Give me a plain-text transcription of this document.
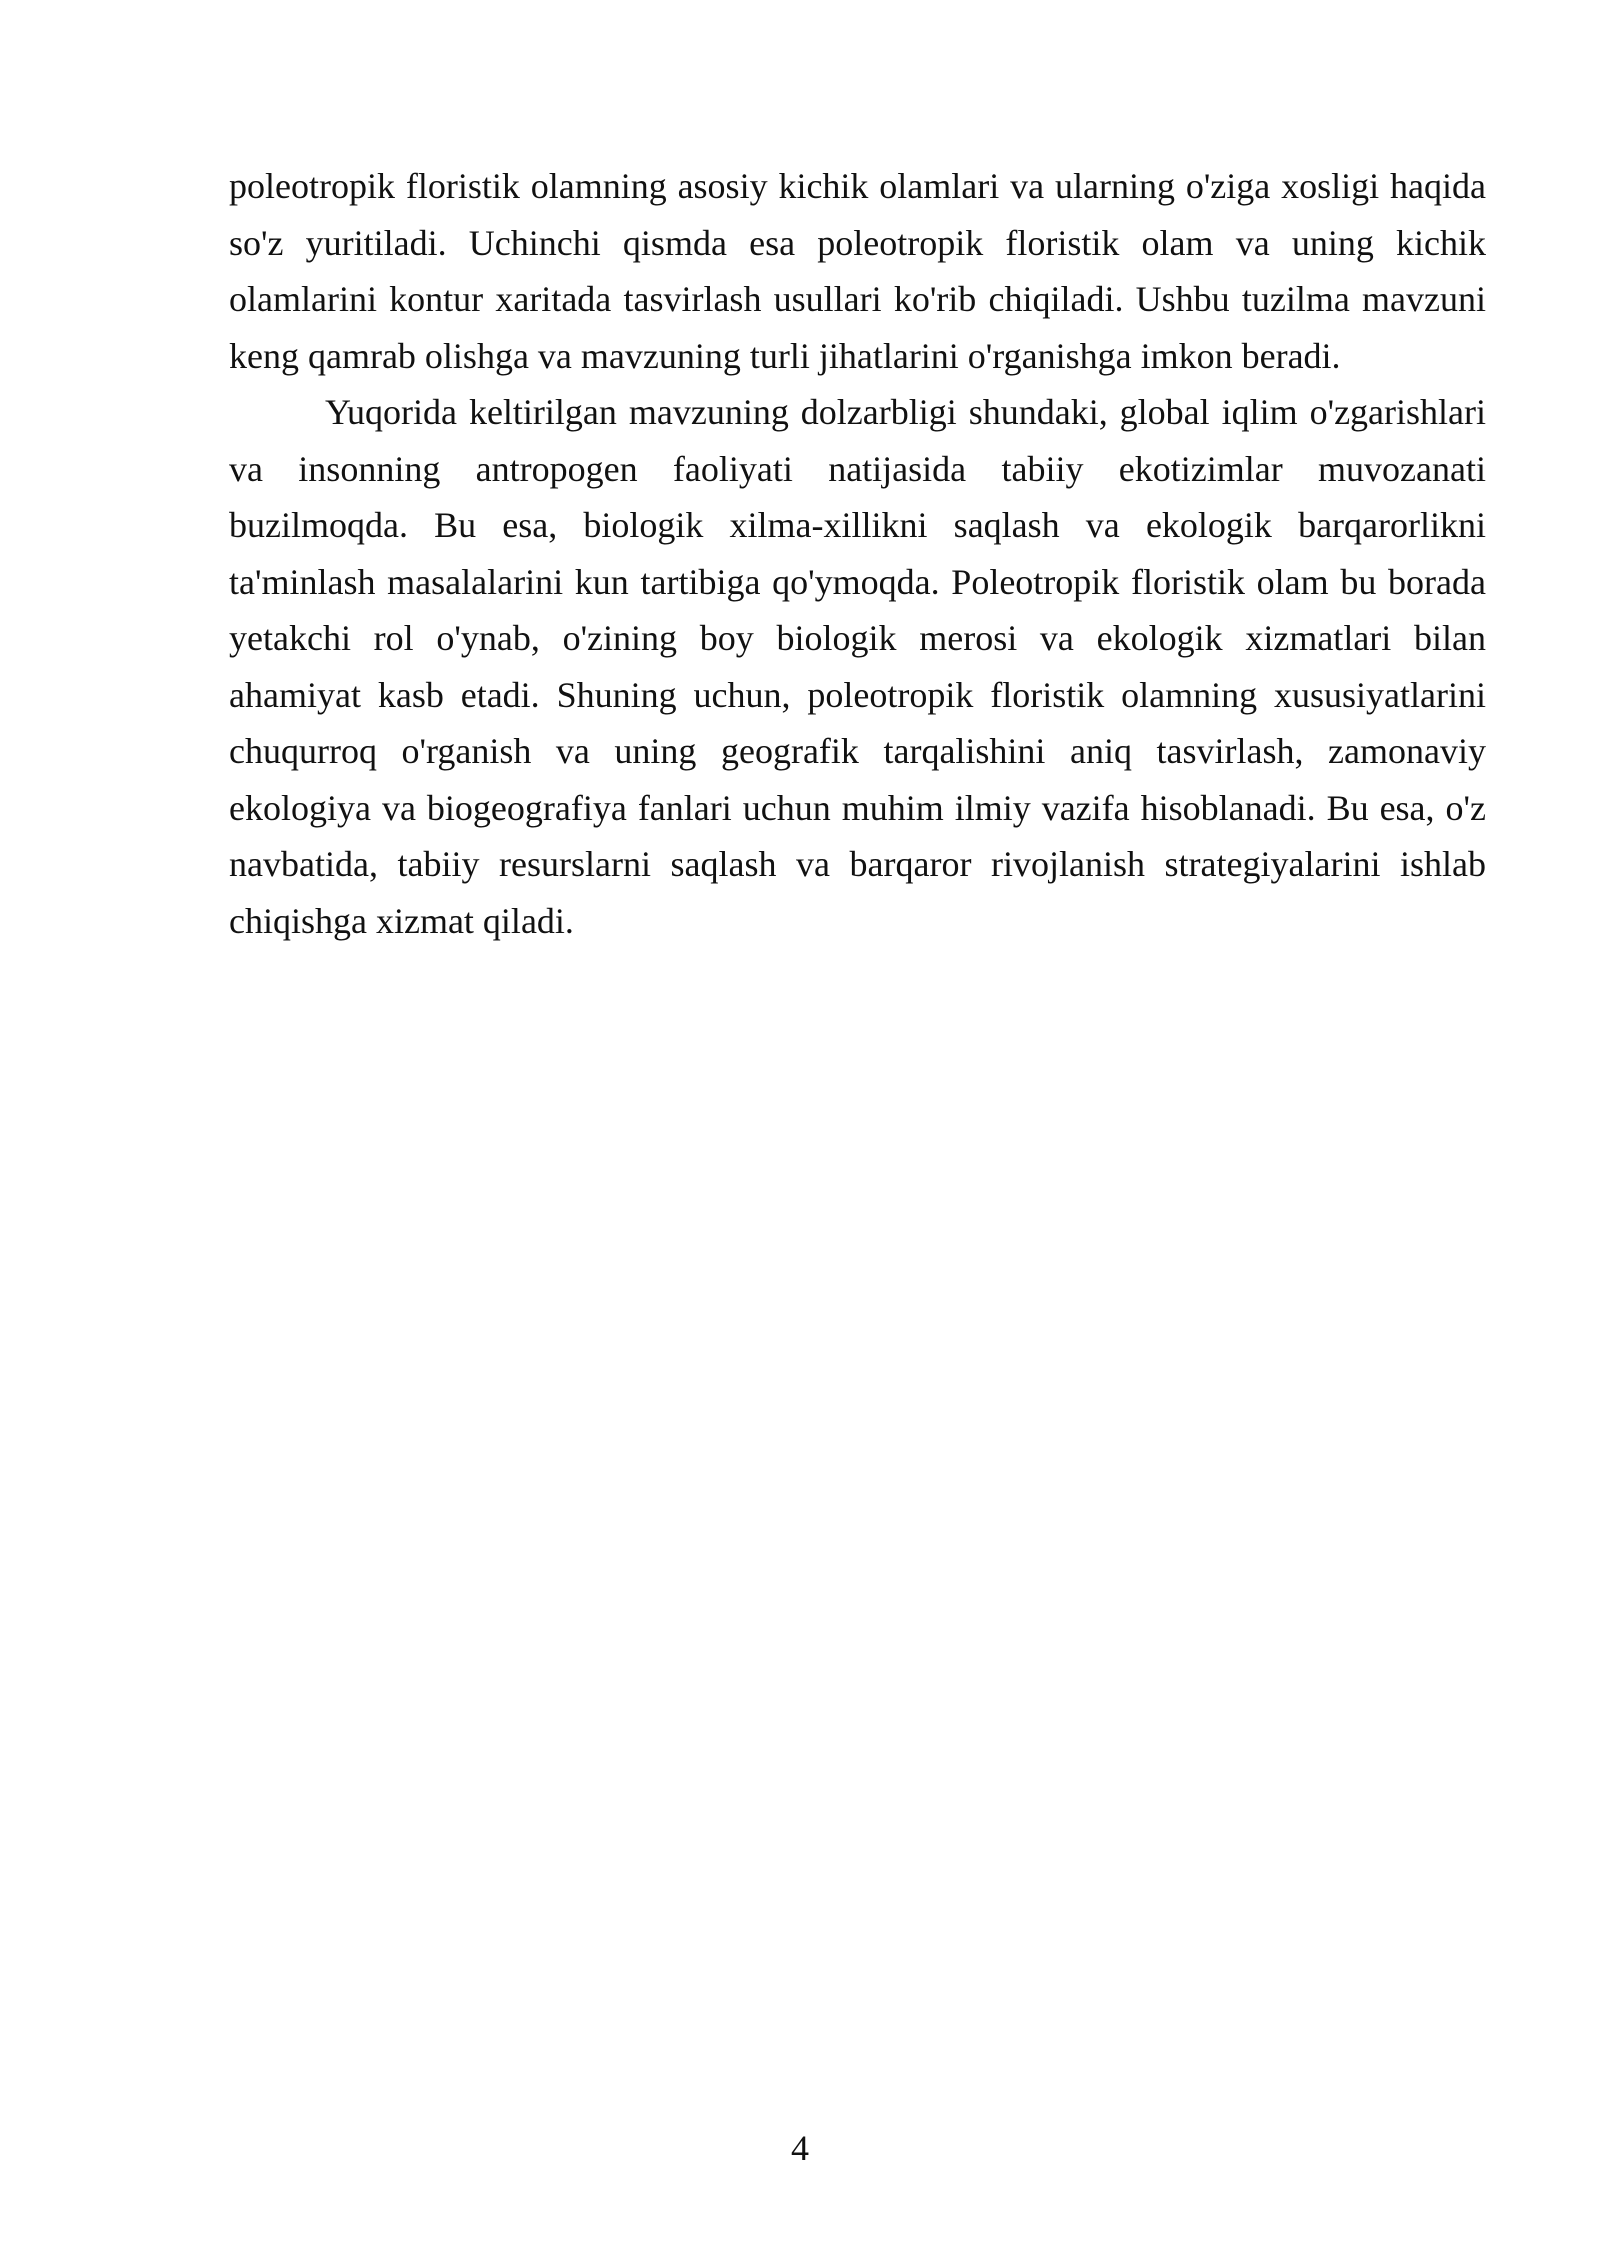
poleotropik floristik olamning asosiy kichik olamlari va ularning o'ziga xosligi haqida so'z yuritiladi. Uchinchi qismda esa poleotropik floristik olam va uning kichik olamlarini kontur xaritada tasvirlash usullari ko'rib chiqiladi. Ushbu tuzilma mavzuni keng qamrab olishga va mavzuning turli jihatlarini o'rganishga imkon beradi.

Yuqorida keltirilgan mavzuning dolzarbligi shundaki, global iqlim o'zgarishlari va insonning antropogen faoliyati natijasida tabiiy ekotizimlar muvozanati buzilmoqda. Bu esa, biologik xilma-xillikni saqlash va ekologik barqarorlikni ta'minlash masalalarini kun tartibiga qo'ymoqda. Poleotropik floristik olam bu borada yetakchi rol o'ynab, o'zining boy biologik merosi va ekologik xizmatlari bilan ahamiyat kasb etadi. Shuning uchun, poleotropik floristik olamning xususiyatlarini chuqurroq o'rganish va uning geografik tarqalishini aniq tasvirlash, zamonaviy ekologiya va biogeografiya fanlari uchun muhim ilmiy vazifa hisoblanadi. Bu esa, o'z navbatida, tabiiy resurslarni saqlash va barqaror rivojlanish strategiyalarini ishlab chiqishga xizmat qiladi.

4
